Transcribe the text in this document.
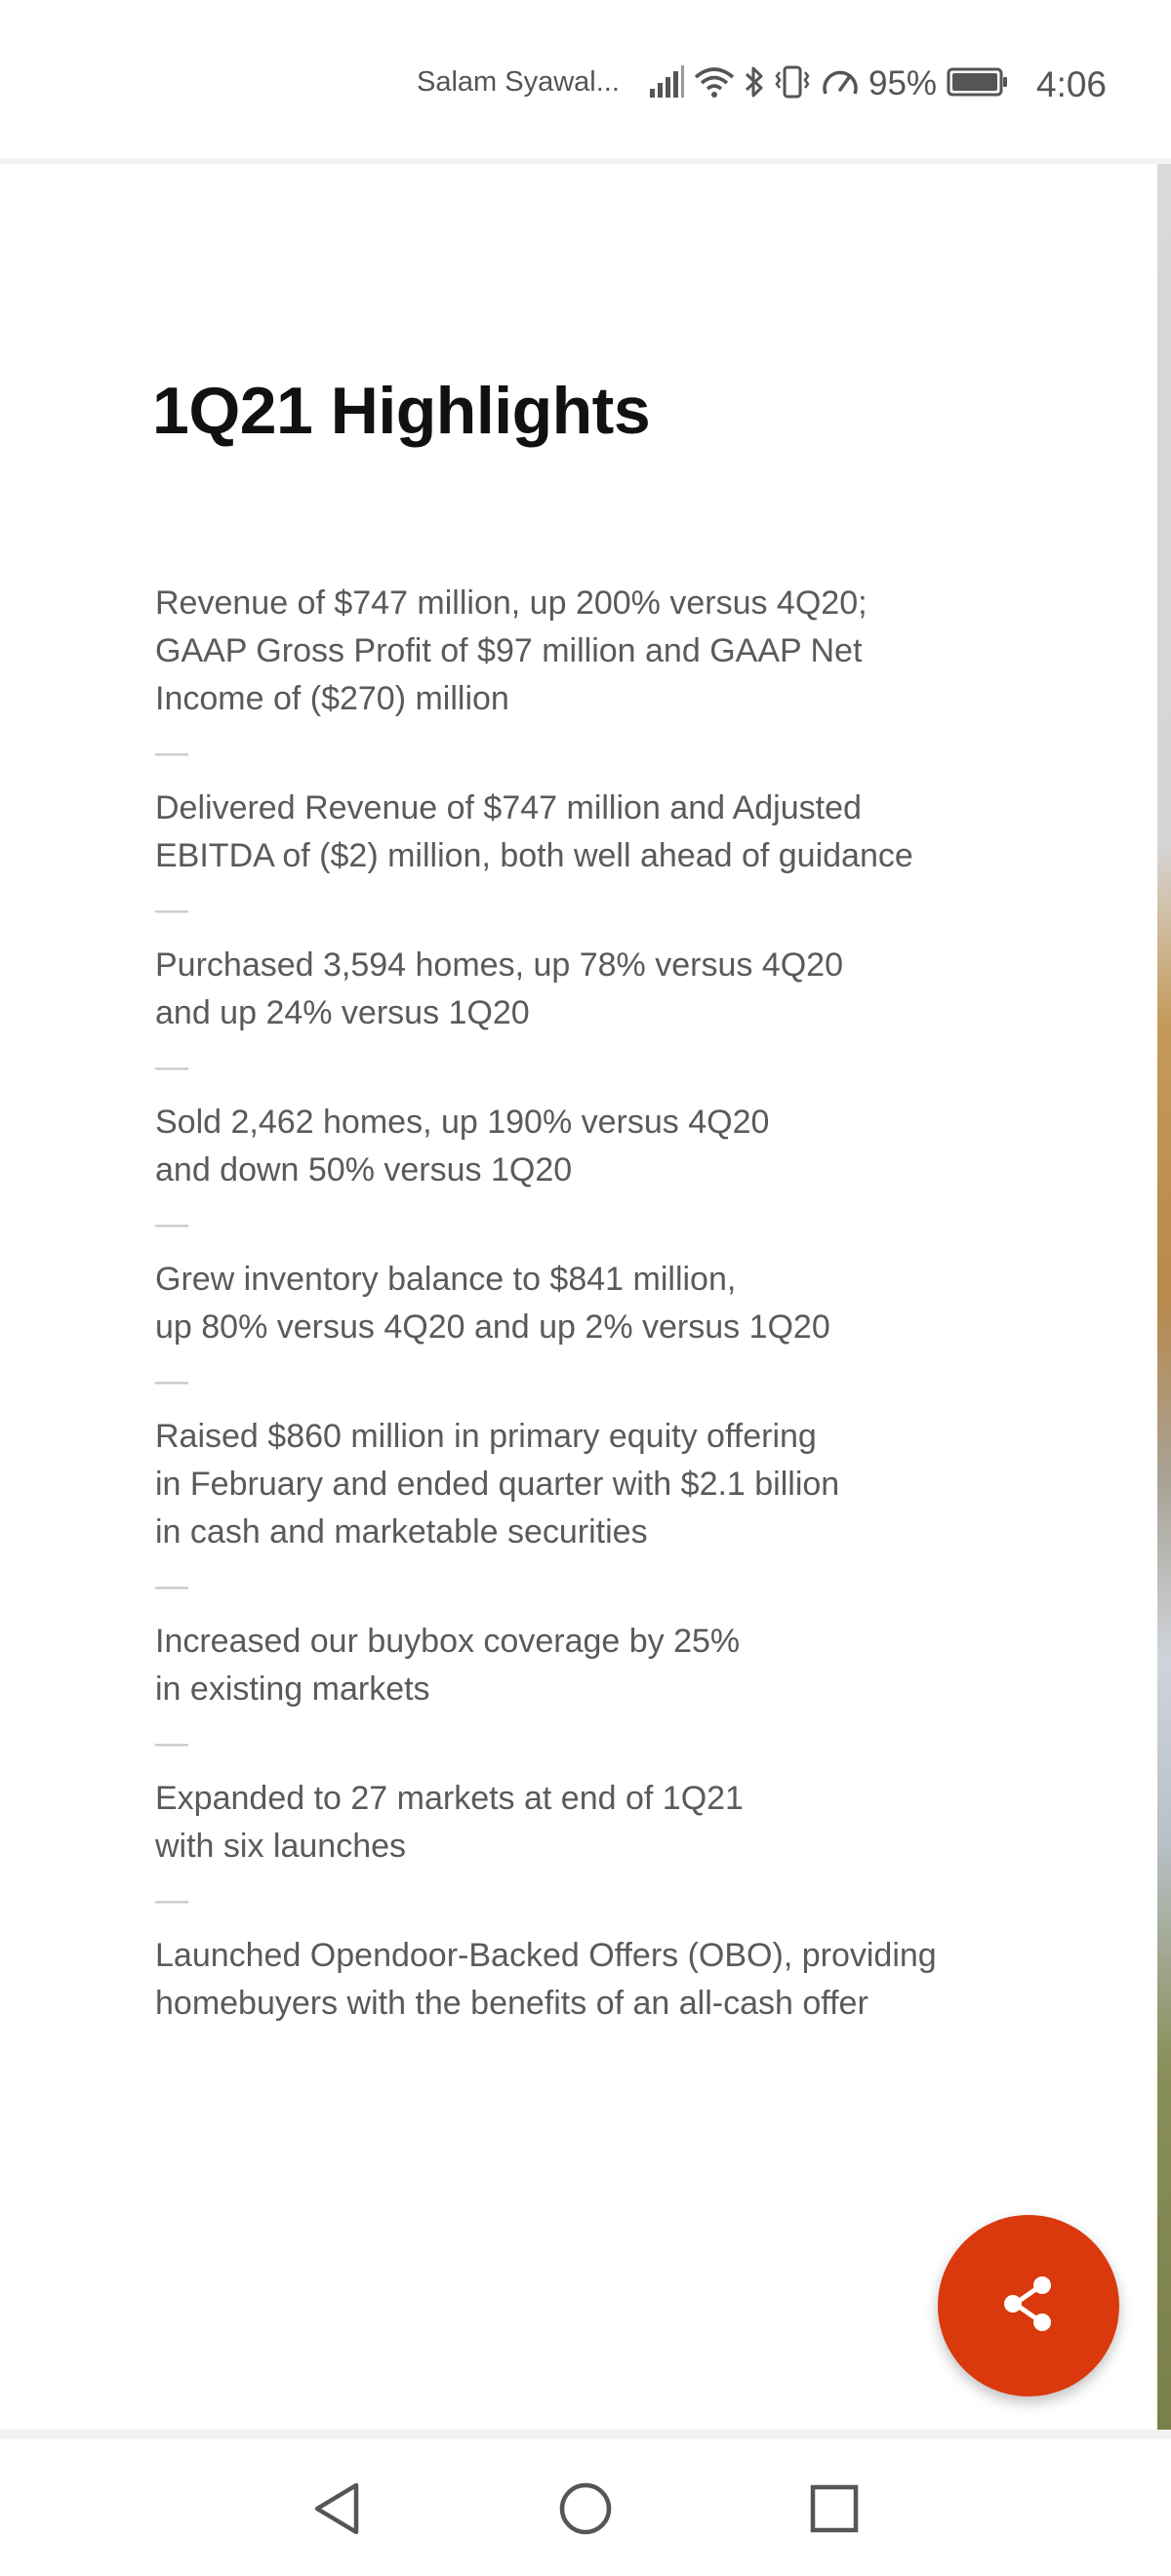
Salam Syawal...	95%	4:06
1Q21 Highlights
Revenue of $747 million, up 200% versus 4Q20;
GAAP Gross Profit of $97 million and GAAP Net
Income of ($270) million
—
Delivered Revenue of $747 million and Adjusted
EBITDA of ($2) million, both well ahead of guidance
—
Purchased 3,594 homes, up 78% versus 4Q20
and up 24% versus 1Q20
—
Sold 2,462 homes, up 190% versus 4Q20
and down 50% versus 1Q20
—
Grew inventory balance to $841 million,
up 80% versus 4Q20 and up 2% versus 1Q20
—
Raised $860 million in primary equity offering
in February and ended quarter with $2.1 billion
in cash and marketable securities
—
Increased our buybox coverage by 25%
in existing markets
—
Expanded to 27 markets at end of 1Q21
with six launches
—
Launched Opendoor-Backed Offers (OBO), providing
homebuyers with the benefits of an all-cash offer
